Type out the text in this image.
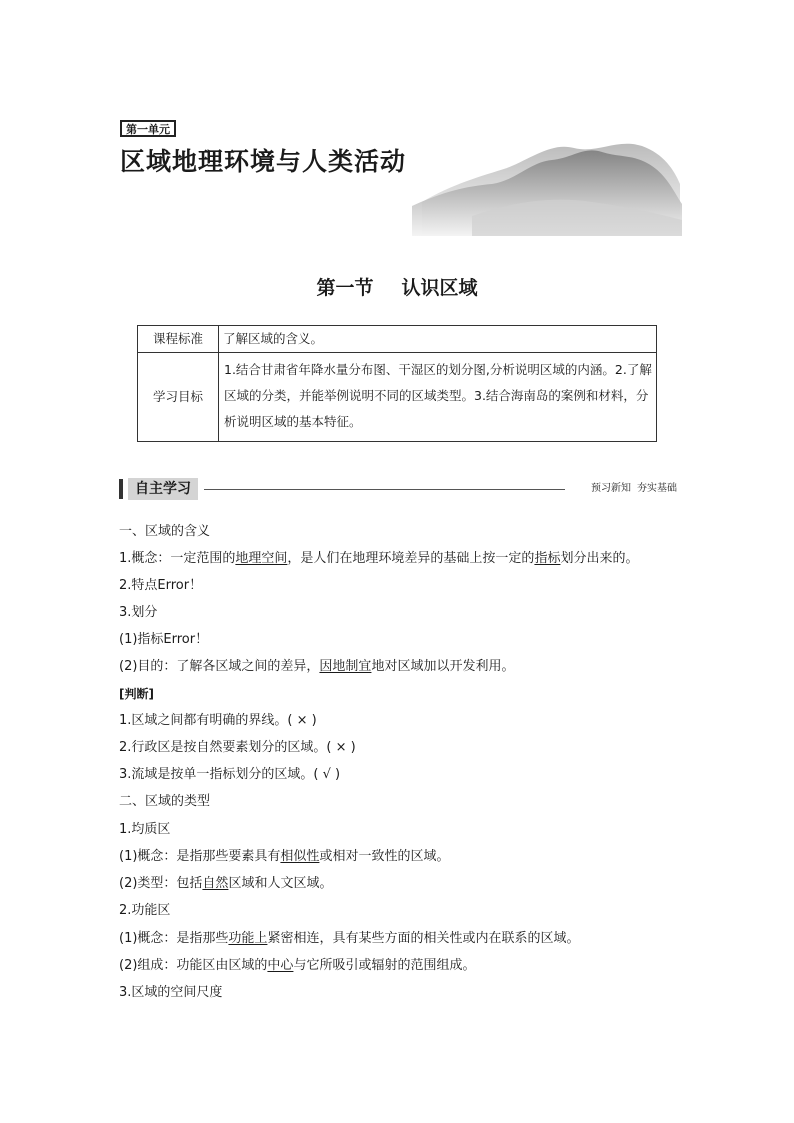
第一单元
区域地理环境与人类活动
第一节 认识区域
课程标准	了解区域的含义。
学习目标	1.结合甘肃省年降水量分布图、干湿区的划分图,分析说明区域的内涵。2.了解区域的分类，并能举例说明不同的区域类型。3.结合海南岛的案例和材料，分析说明区域的基本特征。
自主学习	预习新知 夯实基础
一、区域的含义
1.概念：一定范围的地理空间，是人们在地理环境差异的基础上按一定的指标划分出来的。
2.特点Error！
3.划分
(1)指标Error！
(2)目的：了解各区域之间的差异，因地制宜地对区域加以开发利用。
[判断]
1.区域之间都有明确的界线。( × )
2.行政区是按自然要素划分的区域。( × )
3.流域是按单一指标划分的区域。( √ )
二、区域的类型
1.均质区
(1)概念：是指那些要素具有相似性或相对一致性的区域。
(2)类型：包括自然区域和人文区域。
2.功能区
(1)概念：是指那些功能上紧密相连，具有某些方面的相关性或内在联系的区域。
(2)组成：功能区由区域的中心与它所吸引或辐射的范围组成。
3.区域的空间尺度
